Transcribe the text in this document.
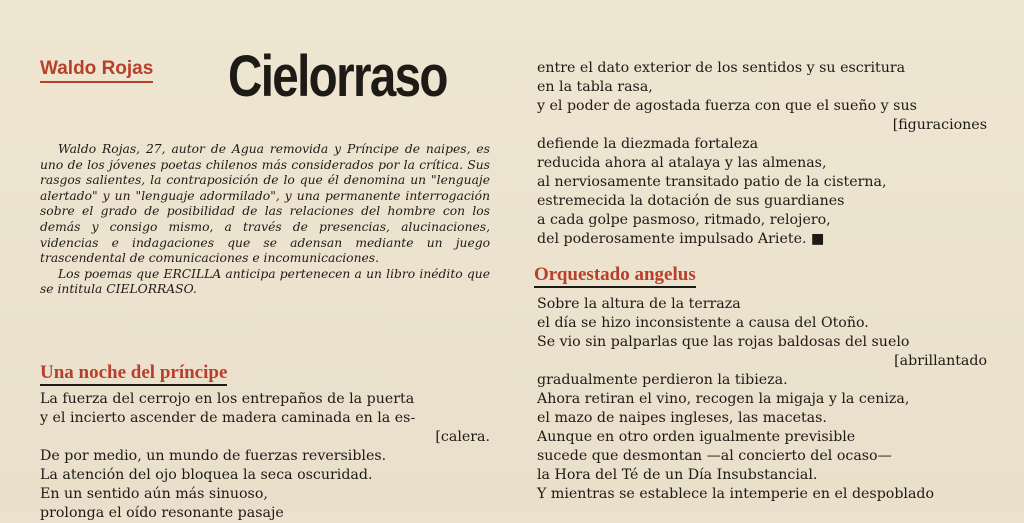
Waldo Rojas Cielorraso

Waldo Rojas, 27, autor de Agua removida y Príncipe de naipes, es uno de los jóvenes poetas chilenos más considerados por la crítica. Sus rasgos salientes, la contraposición de lo que él denomina un "lenguaje alertado" y un "lenguaje adormilado", y una permanente interrogación sobre el grado de posibilidad de las relaciones del hombre con los demás y consigo mismo, a través de presencias, alucinaciones, videncias e indagaciones que se adensan mediante un juego trascendental de comunicaciones e incomunicaciones.

Los poemas que ERCILLA anticipa pertenecen a un libro inédito que se intitula CIELORRASO.

Una noche del príncipe
La fuerza del cerrojo en los entrepaños de la puerta
y el incierto ascender de madera caminada en la es-
[calera.
De por medio, un mundo de fuerzas reversibles.
La atención del ojo bloquea la seca oscuridad.
En un sentido aún más sinuoso,
prolonga el oído resonante pasaje
entre el dato exterior de los sentidos y su escritura
en la tabla rasa,
y el poder de agostada fuerza con que el sueño y sus
[figuraciones
defiende la diezmada fortaleza
reducida ahora al atalaya y las almenas,
al nerviosamente transitado patio de la cisterna,
estremecida la dotación de sus guardianes
a cada golpe pasmoso, ritmado, relojero,
del poderosamente impulsado Ariete. ■
Orquestado angelus
Sobre la altura de la terraza
el día se hizo inconsistente a causa del Otoño.
Se vio sin palparlas que las rojas baldosas del suelo
[abrillantado
gradualmente perdieron la tibieza.
Ahora retiran el vino, recogen la migaja y la ceniza,
el mazo de naipes ingleses, las macetas.
Aunque en otro orden igualmente previsible
sucede que desmontan —al concierto del ocaso—
la Hora del Té de un Día Insubstancial.
Y mientras se establece la intemperie en el despoblado
